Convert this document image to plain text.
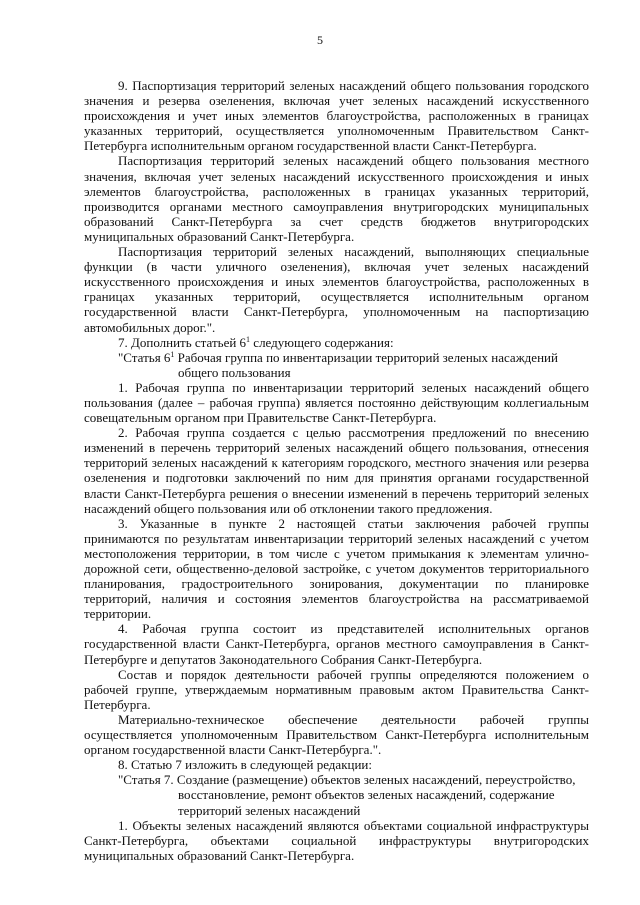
5

9. Паспортизация территорий зеленых насаждений общего пользования городского значения и резерва озеленения, включая учет зеленых насаждений искусственного происхождения и учет иных элементов благоустройства, расположенных в границах указанных территорий, осуществляется уполномоченным Правительством Санкт-Петербурга исполнительным органом государственной власти Санкт-Петербурга.

Паспортизация территорий зеленых насаждений общего пользования местного значения, включая учет зеленых насаждений искусственного происхождения и иных элементов благоустройства, расположенных в границах указанных территорий, производится органами местного самоуправления внутригородских муниципальных образований Санкт-Петербурга за счет средств бюджетов внутригородских муниципальных образований Санкт-Петербурга.

Паспортизация территорий зеленых насаждений, выполняющих специальные функции (в части уличного озеленения), включая учет зеленых насаждений искусственного происхождения и иных элементов благоустройства, расположенных в границах указанных территорий, осуществляется исполнительным органом государственной власти Санкт-Петербурга, уполномоченным на паспортизацию автомобильных дорог.".

7. Дополнить статьей $6^1$ следующего содержания:

"Статья $6^1$ Рабочая группа по инвентаризации территорий зеленых насаждений
общего пользования

1. Рабочая группа по инвентаризации территорий зеленых насаждений общего пользования (далее – рабочая группа) является постоянно действующим коллегиальным совещательным органом при Правительстве Санкт-Петербурга.

2. Рабочая группа создается с целью рассмотрения предложений по внесению изменений в перечень территорий зеленых насаждений общего пользования, отнесения территорий зеленых насаждений к категориям городского, местного значения или резерва озеленения и подготовки заключений по ним для принятия органами государственной власти Санкт-Петербурга решения о внесении изменений в перечень территорий зеленых насаждений общего пользования или об отклонении такого предложения.

3. Указанные в пункте 2 настоящей статьи заключения рабочей группы принимаются по результатам инвентаризации территорий зеленых насаждений с учетом местоположения территории, в том числе с учетом примыкания к элементам улично-дорожной сети, общественно-деловой застройке, с учетом документов территориального планирования, градостроительного зонирования, документации по планировке территорий, наличия и состояния элементов благоустройства на рассматриваемой территории.

4. Рабочая группа состоит из представителей исполнительных органов государственной власти Санкт-Петербурга, органов местного самоуправления в Санкт-Петербурге и депутатов Законодательного Собрания Санкт-Петербурга.

Состав и порядок деятельности рабочей группы определяются положением о рабочей группе, утверждаемым нормативным правовым актом Правительства Санкт-Петербурга.

Материально-техническое обеспечение деятельности рабочей группы осуществляется уполномоченным Правительством Санкт-Петербурга исполнительным органом государственной власти Санкт-Петербурга.".

8. Статью 7 изложить в следующей редакции:

"Статья 7. Создание (размещение) объектов зеленых насаждений, переустройство,
восстановление, ремонт объектов зеленых насаждений, содержание
территорий зеленых насаждений

1. Объекты зеленых насаждений являются объектами социальной инфраструктуры Санкт-Петербурга, объектами социальной инфраструктуры внутригородских муниципальных образований Санкт-Петербурга.
